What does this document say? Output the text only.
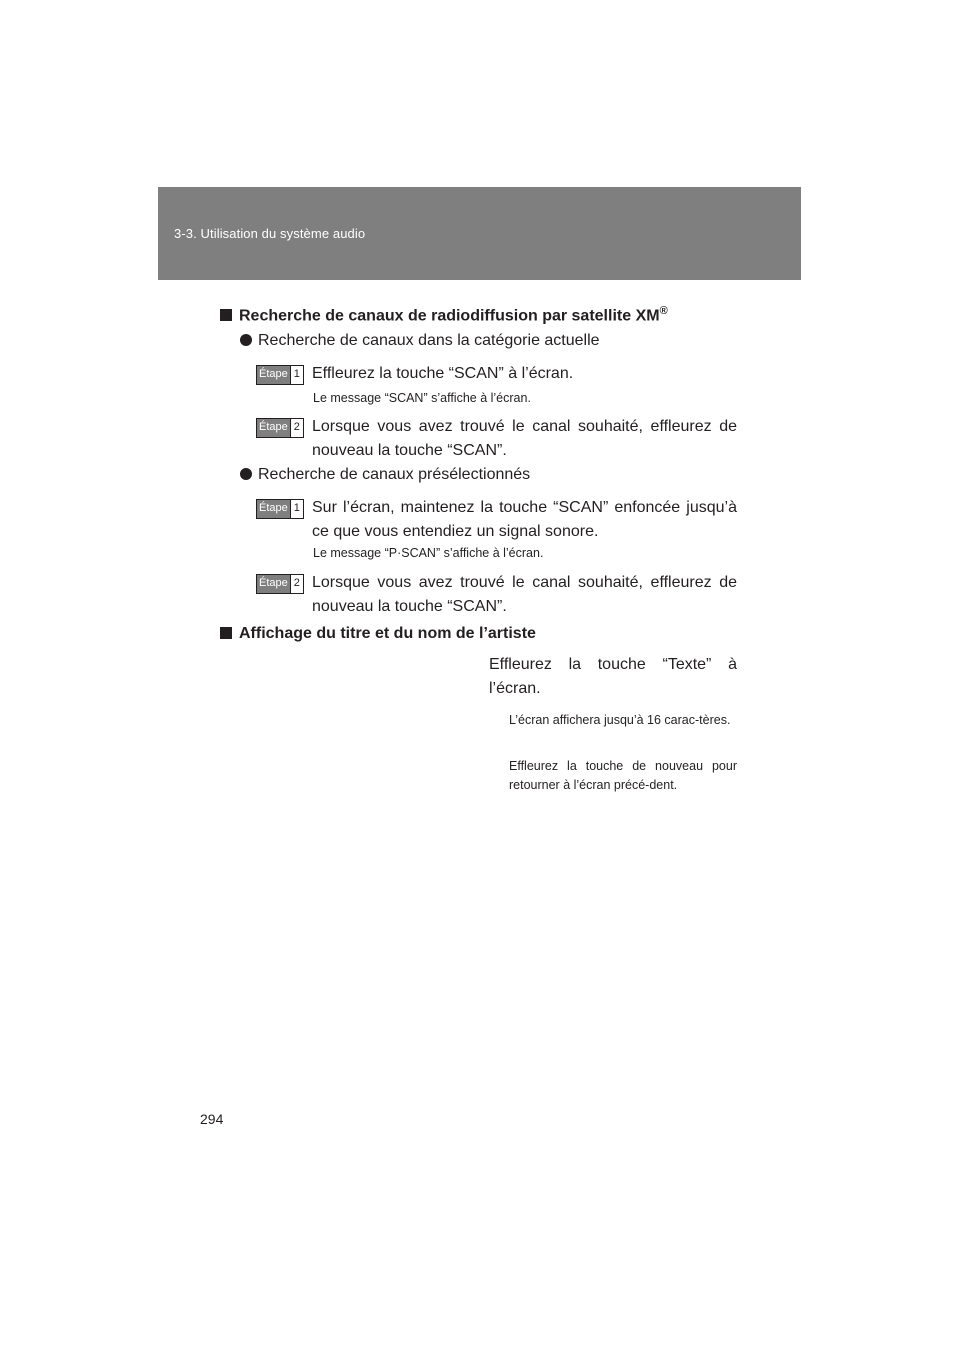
3-3. Utilisation du système audio
Recherche de canaux de radiodiffusion par satellite XM®
Recherche de canaux dans la catégorie actuelle
Étape 1 Effleurez la touche “SCAN” à l’écran.
Le message “SCAN” s’affiche à l’écran.
Étape 2 Lorsque vous avez trouvé le canal souhaité, effleurez de nouveau la touche “SCAN”.
Recherche de canaux présélectionnés
Étape 1 Sur l’écran, maintenez la touche “SCAN” enfoncée jusqu’à ce que vous entendiez un signal sonore.
Le message “P·SCAN” s’affiche à l’écran.
Étape 2 Lorsque vous avez trouvé le canal souhaité, effleurez de nouveau la touche “SCAN”.
Affichage du titre et du nom de l’artiste
Effleurez la touche “Texte” à l’écran.
L’écran affichera jusqu’à 16 carac-tères.
Effleurez la touche de nouveau pour retourner à l’écran précé-dent.
294
